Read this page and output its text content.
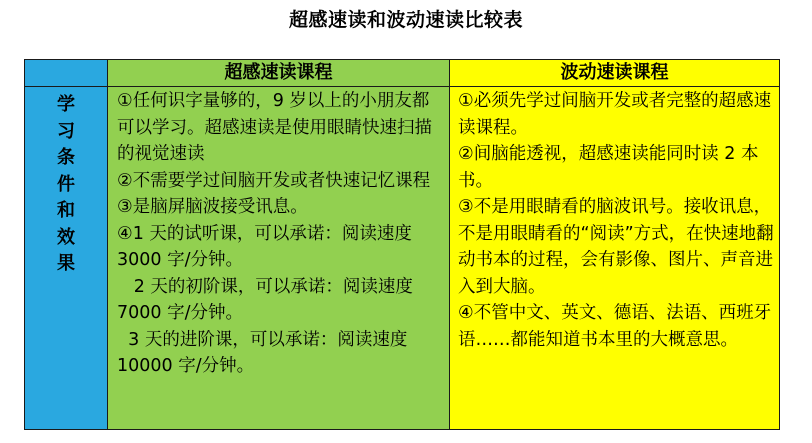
超感速读和波动速读比较表
超感速读课程	波动速读课程
学
习
条
件
和
效
果

①任何识字量够的，9 岁以上的小朋友都可以学习。超感速读是使用眼睛快速扫描的视觉速读

②不需要学过间脑开发或者快速记忆课程

③是脑屏脑波接受讯息。

④1 天的试听课，可以承诺：阅读速度 3000 字/分钟。

2 天的初阶课，可以承诺：阅读速度 7000 字/分钟。

3 天的进阶课，可以承诺：阅读速度 10000 字/分钟。

①必须先学过间脑开发或者完整的超感速读课程。

②间脑能透视，超感速读能同时读 2 本书。

③不是用眼睛看的脑波讯号。接收讯息，不是用眼睛看的“阅读”方式，在快速地翻动书本的过程，会有影像、图片、声音进入到大脑。

④不管中文、英文、德语、法语、西班牙语……都能知道书本里的大概意思。
